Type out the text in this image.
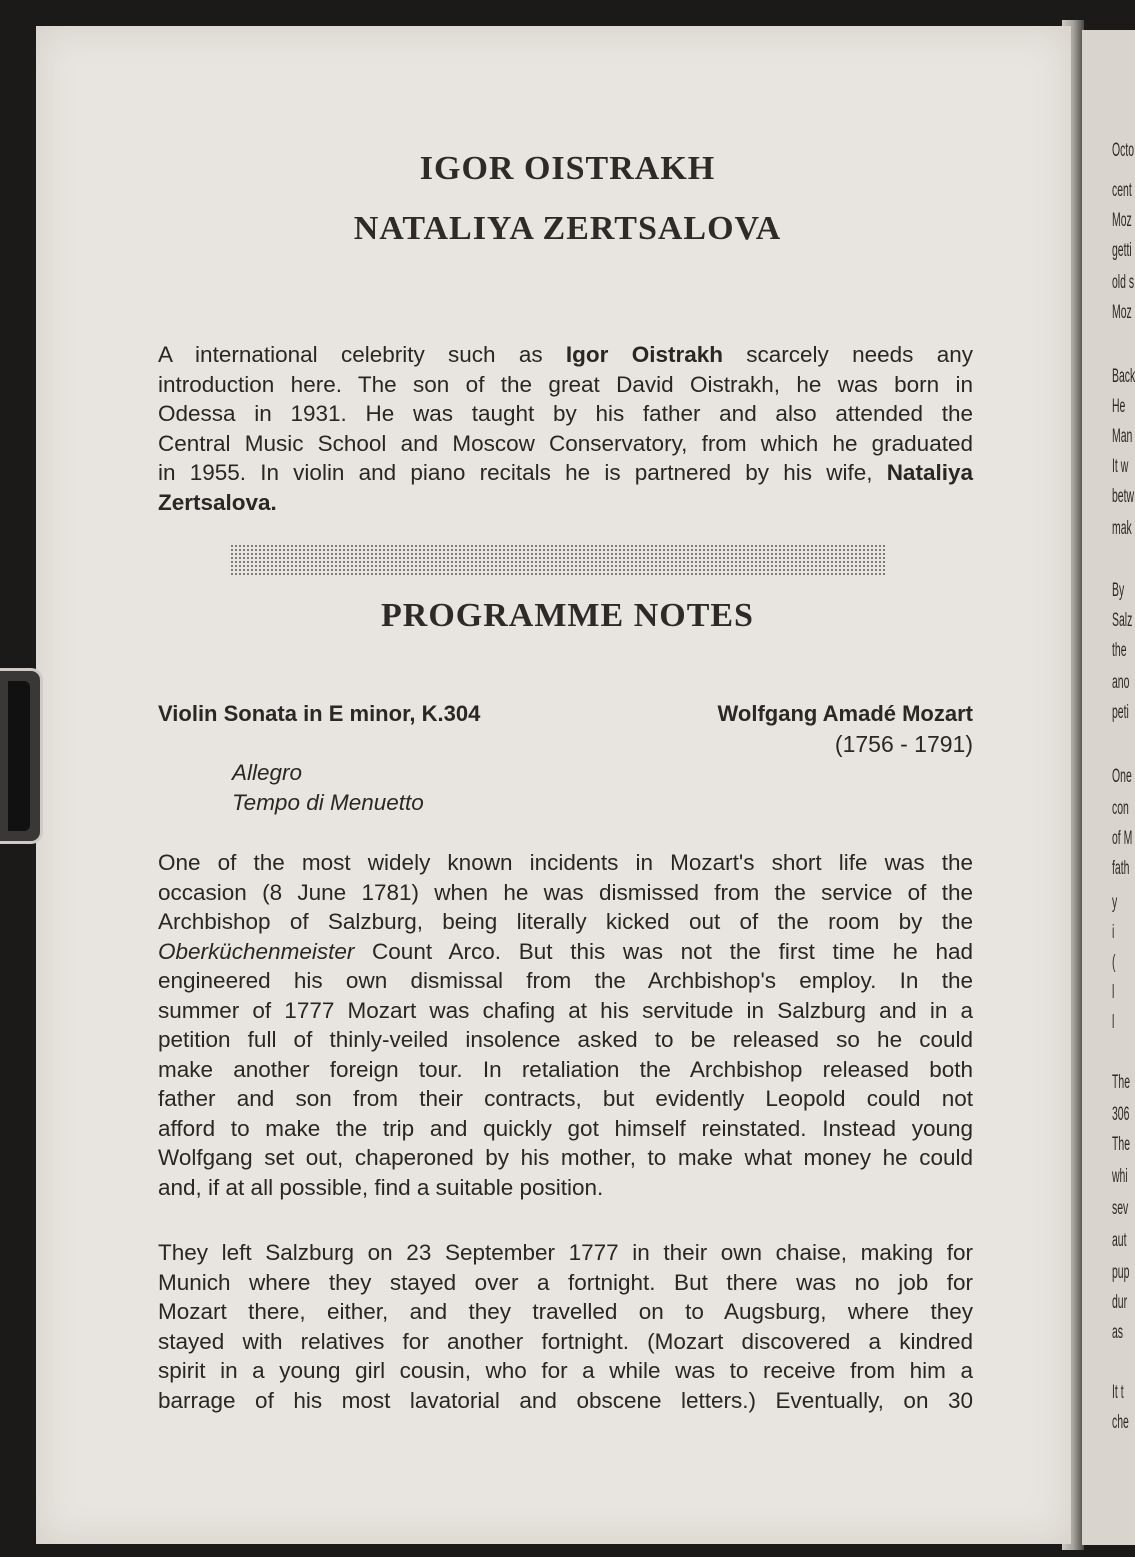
Octo
cent
Moz
getti
old s
Moz
Back
He
Man
It w
betw
mak
By
Salz
the
ano
peti
One
con
of M
fath
y
i
(
l
l
The
306
The
whi
sev
aut
pup
dur
as
It t
che
IGOR OISTRAKH
NATALIYA ZERTSALOVA
A international celebrity such as Igor Oistrakh scarcely needs any
introduction here. The son of the great David Oistrakh, he was born in
Odessa in 1931. He was taught by his father and also attended the
Central Music School and Moscow Conservatory, from which he graduated
in 1955. In violin and piano recitals he is partnered by his wife, Nataliya
Zertsalova.
PROGRAMME NOTES
Violin Sonata in E minor, K.304	Wolfgang Amadé Mozart
(1756 - 1791)
Allegro
Tempo di Menuetto
One of the most widely known incidents in Mozart's short life was the
occasion (8 June 1781) when he was dismissed from the service of the
Archbishop of Salzburg, being literally kicked out of the room by the
Oberküchenmeister Count Arco. But this was not the first time he had
engineered his own dismissal from the Archbishop's employ. In the
summer of 1777 Mozart was chafing at his servitude in Salzburg and in a
petition full of thinly-veiled insolence asked to be released so he could
make another foreign tour. In retaliation the Archbishop released both
father and son from their contracts, but evidently Leopold could not
afford to make the trip and quickly got himself reinstated. Instead young
Wolfgang set out, chaperoned by his mother, to make what money he could
and, if at all possible, find a suitable position.
They left Salzburg on 23 September 1777 in their own chaise, making for
Munich where they stayed over a fortnight. But there was no job for
Mozart there, either, and they travelled on to Augsburg, where they
stayed with relatives for another fortnight. (Mozart discovered a kindred
spirit in a young girl cousin, who for a while was to receive from him a
barrage of his most lavatorial and obscene letters.) Eventually, on 30
